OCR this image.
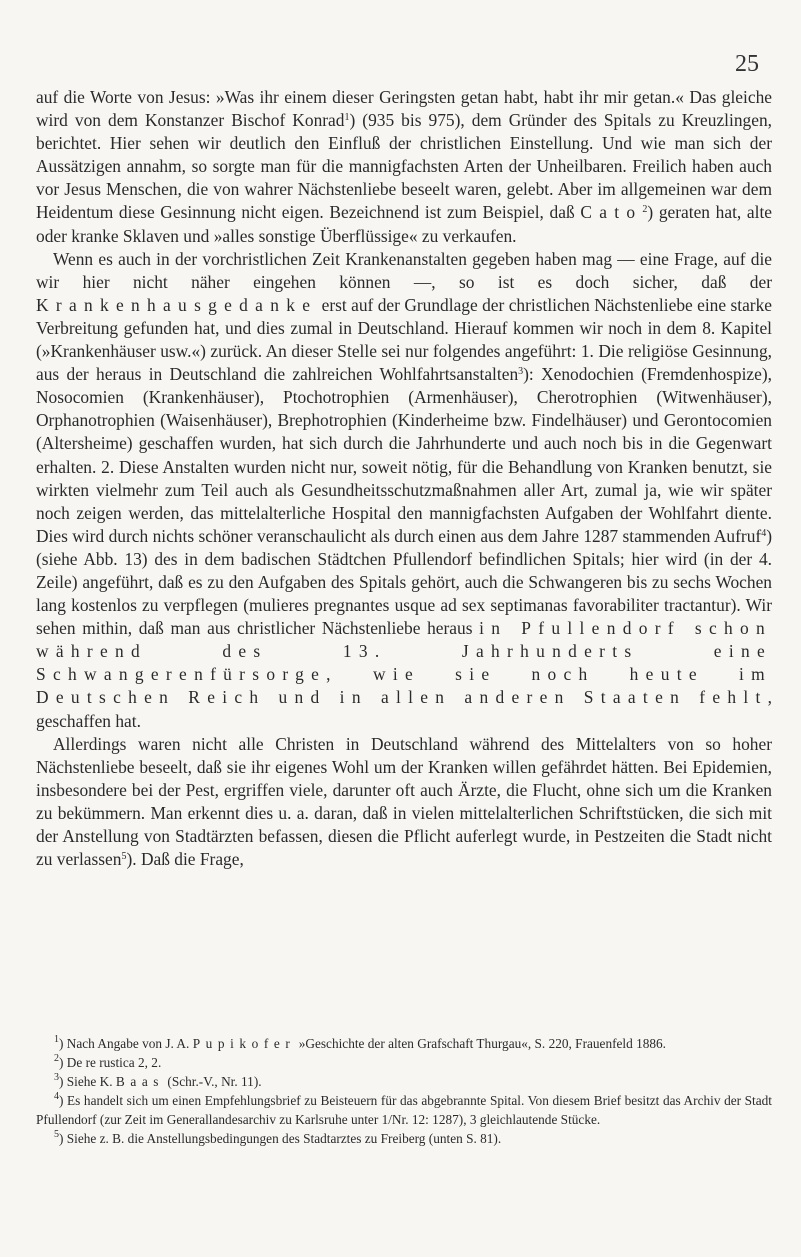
25

auf die Worte von Jesus: »Was ihr einem dieser Geringsten getan habt, habt ihr mir getan.« Das gleiche wird von dem Konstanzer Bischof Konrad$^1$) (935 bis 975), dem Gründer des Spitals zu Kreuzlingen, berichtet. Hier sehen wir deutlich den Einfluß der christlichen Einstellung. Und wie man sich der Aussätzigen annahm, so sorgte man für die mannigfachsten Arten der Unheilbaren. Freilich haben auch vor Jesus Menschen, die von wahrer Nächstenliebe beseelt waren, gelebt. Aber im allgemeinen war dem Heidentum diese Gesinnung nicht eigen. Bezeichnend ist zum Beispiel, daß Cato$^2$) geraten hat, alte oder kranke Sklaven und »alles sonstige Überflüssige« zu verkaufen.

Wenn es auch in der vorchristlichen Zeit Krankenanstalten gegeben haben mag — eine Frage, auf die wir hier nicht näher eingehen können —, so ist es doch sicher, daß der Krankenhausgedanke erst auf der Grundlage der christlichen Nächstenliebe eine starke Verbreitung gefunden hat, und dies zumal in Deutschland. Hierauf kommen wir noch in dem 8. Kapitel (»Krankenhäuser usw.«) zurück. An dieser Stelle sei nur folgendes angeführt: 1. Die religiöse Gesinnung, aus der heraus in Deutschland die zahlreichen Wohlfahrtsanstalten$^3$): Xenodochien (Fremdenhospize), Nosocomien (Krankenhäuser), Ptochotrophien (Armenhäuser), Cherotrophien (Witwenhäuser), Orphanotrophien (Waisenhäuser), Brephotrophien (Kinderheime bzw. Findelhäuser) und Gerontocomien (Altersheime) geschaffen wurden, hat sich durch die Jahrhunderte und auch noch bis in die Gegenwart erhalten. 2. Diese Anstalten wurden nicht nur, soweit nötig, für die Behandlung von Kranken benutzt, sie wirkten vielmehr zum Teil auch als Gesundheitsschutzmaßnahmen aller Art, zumal ja, wie wir später noch zeigen werden, das mittelalterliche Hospital den mannigfachsten Aufgaben der Wohlfahrt diente. Dies wird durch nichts schöner veranschaulicht als durch einen aus dem Jahre 1287 stammenden Aufruf$^4$) (siehe Abb. 13) des in dem badischen Städtchen Pfullendorf befindlichen Spitals; hier wird (in der 4. Zeile) angeführt, daß es zu den Aufgaben des Spitals gehört, auch die Schwangeren bis zu sechs Wochen lang kostenlos zu verpflegen (mulieres pregnantes usque ad sex septimanas favorabiliter tractantur). Wir sehen mithin, daß man aus christlicher Nächstenliebe heraus in Pfullendorf schon während des 13. Jahrhunderts eine Schwangerenfürsorge, wie sie noch heute im Deutschen Reich und in allen anderen Staaten fehlt, geschaffen hat.

Allerdings waren nicht alle Christen in Deutschland während des Mittelalters von so hoher Nächstenliebe beseelt, daß sie ihr eigenes Wohl um der Kranken willen gefährdet hätten. Bei Epidemien, insbesondere bei der Pest, ergriffen viele, darunter oft auch Ärzte, die Flucht, ohne sich um die Kranken zu bekümmern. Man erkennt dies u. a. daran, daß in vielen mittelalterlichen Schriftstücken, die sich mit der Anstellung von Stadtärzten befassen, diesen die Pflicht auferlegt wurde, in Pestzeiten die Stadt nicht zu verlassen$^5$). Daß die Frage,

$^1$) Nach Angabe von J. A. Pupikofer »Geschichte der alten Grafschaft Thurgau«, S. 220, Frauenfeld 1886.

$^2$) De re rustica 2, 2.

$^3$) Siehe K. Baas (Schr.-V., Nr. 11).

$^4$) Es handelt sich um einen Empfehlungsbrief zu Beisteuern für das abgebrannte Spital. Von diesem Brief besitzt das Archiv der Stadt Pfullendorf (zur Zeit im Generallandesarchiv zu Karlsruhe unter 1/Nr. 12: 1287), 3 gleichlautende Stücke.

$^5$) Siehe z. B. die Anstellungsbedingungen des Stadtarztes zu Freiberg (unten S. 81).
